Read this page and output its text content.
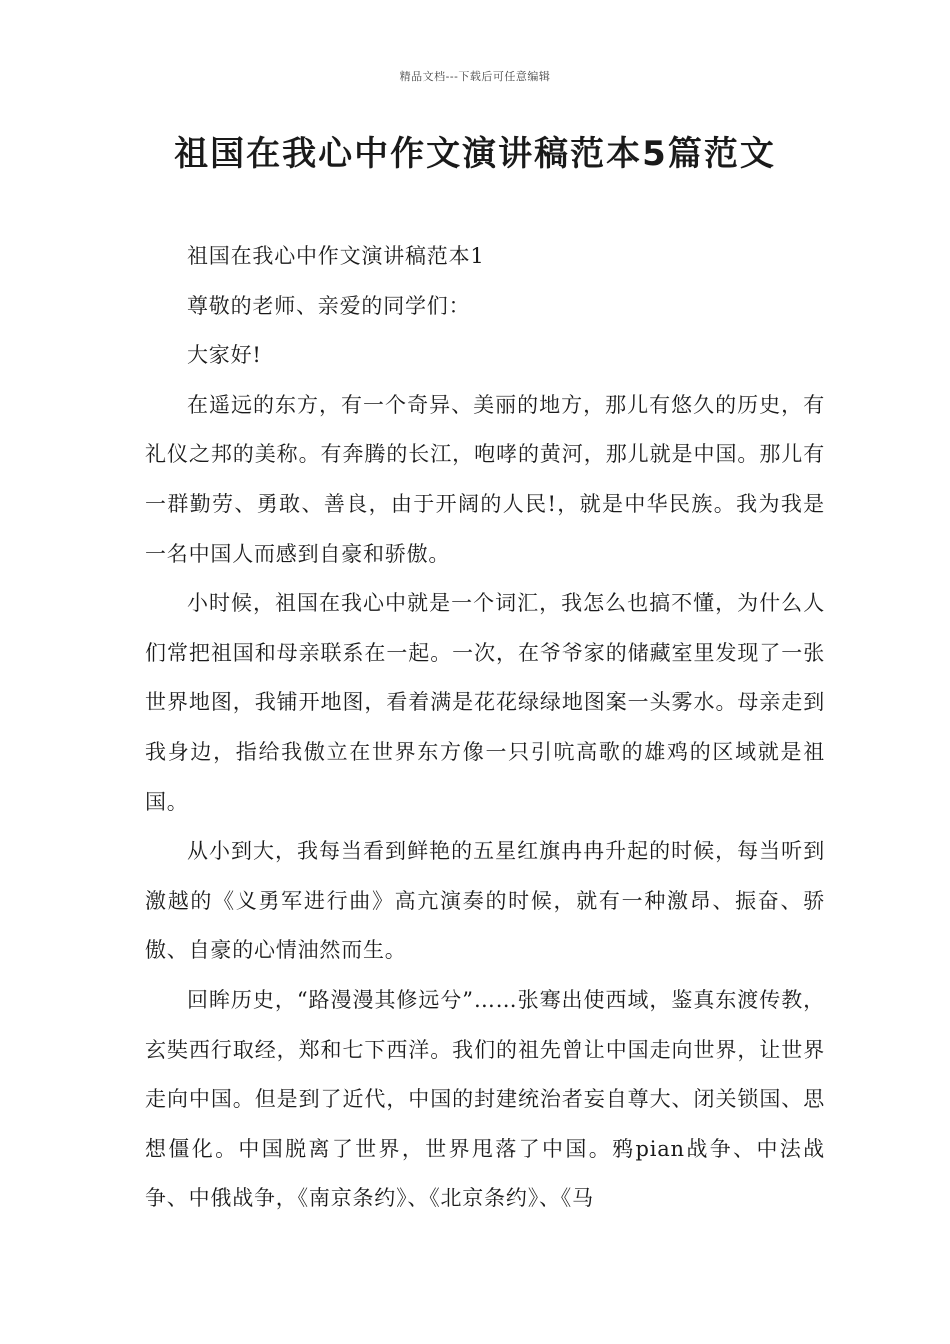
精品文档---下载后可任意编辑
祖国在我心中作文演讲稿范本5篇范文

祖国在我心中作文演讲稿范本1

尊敬的老师、亲爱的同学们：

大家好!

在遥远的东方，有一个奇异、美丽的地方，那儿有悠久的历史，有礼仪之邦的美称。有奔腾的长江，咆哮的黄河，那儿就是中国。那儿有一群勤劳、勇敢、善良，由于开阔的人民!，就是中华民族。我为我是一名中国人而感到自豪和骄傲。

小时候，祖国在我心中就是一个词汇，我怎么也搞不懂，为什么人们常把祖国和母亲联系在一起。一次，在爷爷家的储藏室里发现了一张世界地图，我铺开地图，看着满是花花绿绿地图案一头雾水。母亲走到我身边，指给我傲立在世界东方像一只引吭高歌的雄鸡的区域就是祖国。

从小到大，我每当看到鲜艳的五星红旗冉冉升起的时候，每当听到激越的《义勇军进行曲》高亢演奏的时候，就有一种激昂、振奋、骄傲、自豪的心情油然而生。

回眸历史，“路漫漫其修远兮”……张骞出使西域，鉴真东渡传教，玄奘西行取经，郑和七下西洋。我们的祖先曾让中国走向世界，让世界走向中国。但是到了近代，中国的封建统治者妄自尊大、闭关锁国、思想僵化。中国脱离了世界，世界甩落了中国。鸦pian战争、中法战争、中俄战争，《南京条约》、《北京条约》、《马
